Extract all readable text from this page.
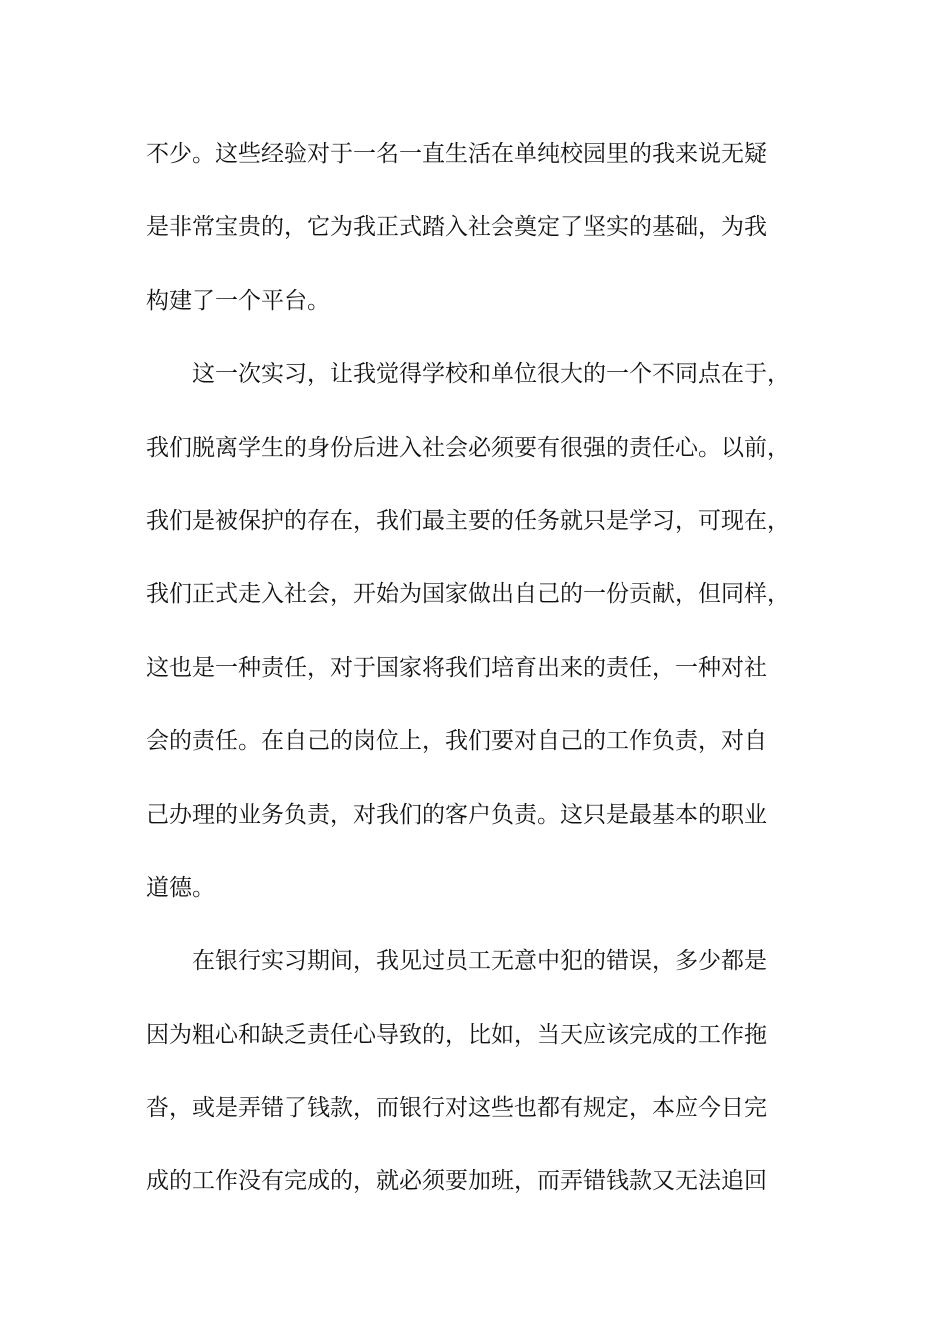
不少。这些经验对于一名一直生活在单纯校园里的我来说无疑
是非常宝贵的，它为我正式踏入社会奠定了坚实的基础，为我
构建了一个平台。
这一次实习，让我觉得学校和单位很大的一个不同点在于，
我们脱离学生的身份后进入社会必须要有很强的责任心。以前，
我们是被保护的存在，我们最主要的任务就只是学习，可现在，
我们正式走入社会，开始为国家做出自己的一份贡献，但同样，
这也是一种责任，对于国家将我们培育出来的责任，一种对社
会的责任。在自己的岗位上，我们要对自己的工作负责，对自
己办理的业务负责，对我们的客户负责。这只是最基本的职业
道德。
在银行实习期间，我见过员工无意中犯的错误，多少都是
因为粗心和缺乏责任心导致的，比如，当天应该完成的工作拖
沓，或是弄错了钱款，而银行对这些也都有规定，本应今日完
成的工作没有完成的，就必须要加班，而弄错钱款又无法追回
